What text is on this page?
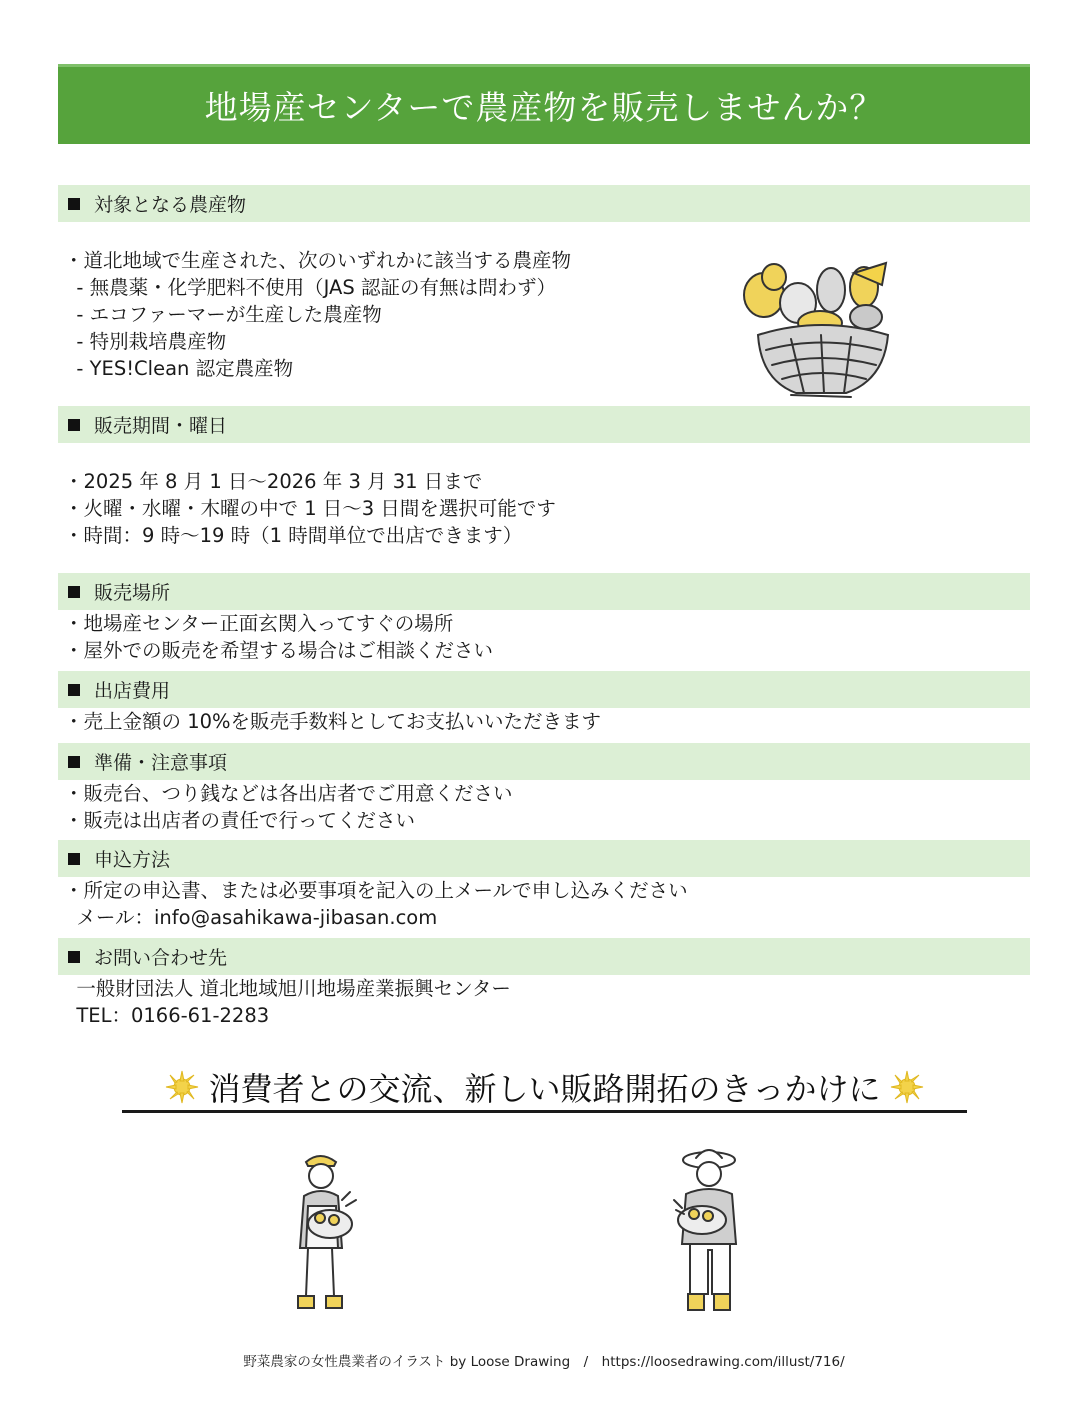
地場産センターで農産物を販売しませんか？
対象となる農産物
・道北地域で生産された、次のいずれかに該当する農産物
- 無農薬・化学肥料不使用（JAS 認証の有無は問わず）
- エコファーマーが生産した農産物
- 特別栽培農産物
- YES!Clean 認定農産物
販売期間・曜日
・2025 年 8 月 1 日～2026 年 3 月 31 日まで
・火曜・水曜・木曜の中で 1 日～3 日間を選択可能です
・時間：9 時～19 時（1 時間単位で出店できます）
販売場所
・地場産センター正面玄関入ってすぐの場所
・屋外での販売を希望する場合はご相談ください
出店費用
・売上金額の 10%を販売手数料としてお支払いいただきます
準備・注意事項
・販売台、つり銭などは各出店者でご用意ください
・販売は出店者の責任で行ってください
申込方法
・所定の申込書、または必要事項を記入の上メールで申し込みください
メール：info@asahikawa-jibasan.com
お問い合わせ先
一般財団法人 道北地域旭川地場産業振興センター
TEL：0166-61-2283
消費者との交流、新しい販路開拓のきっかけに
野菜農家の女性農業者のイラスト by Loose Drawing　/　https://loosedrawing.com/illust/716/
